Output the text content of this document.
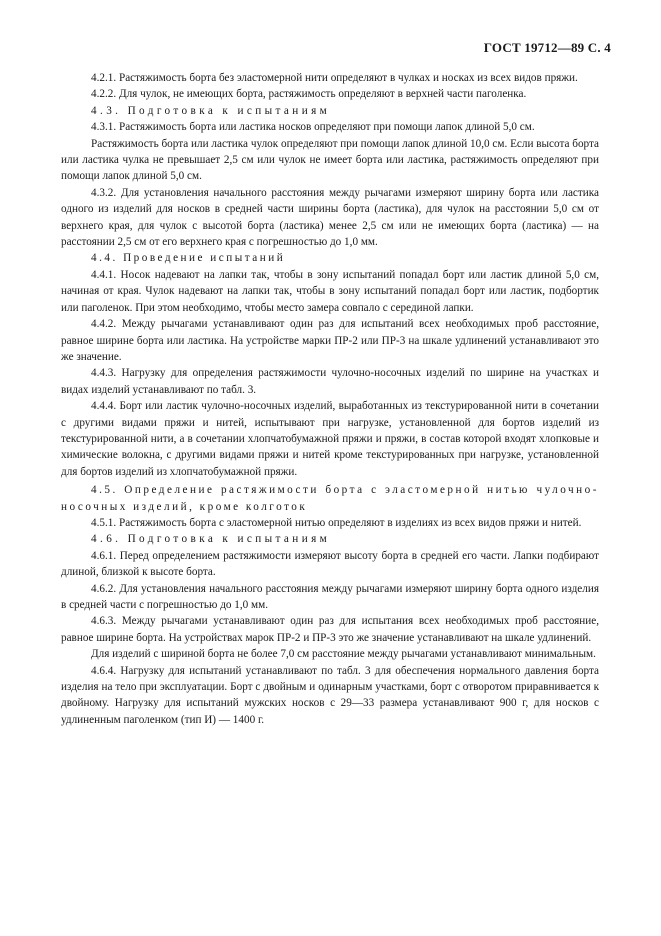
ГОСТ 19712—89 С. 4

4.2.1. Растяжимость борта без эластомерной нити определяют в чулках и носках из всех видов пряжи.

4.2.2. Для чулок, не имеющих борта, растяжимость определяют в верхней части паголенка.

4.3. Подготовка к испытаниям

4.3.1. Растяжимость борта или ластика носков определяют при помощи лапок длиной 5,0 см.

Растяжимость борта или ластика чулок определяют при помощи лапок длиной 10,0 см. Если высота борта или ластика чулка не превышает 2,5 см или чулок не имеет борта или ластика, растяжимость определяют при помощи лапок длиной 5,0 см.

4.3.2. Для установления начального расстояния между рычагами измеряют ширину борта или ластика одного из изделий для носков в средней части ширины борта (ластика), для чулок на расстоянии 5,0 см от верхнего края, для чулок с высотой борта (ластика) менее 2,5 см или не имеющих борта (ластика) — на расстоянии 2,5 см от его верхнего края с погрешностью до 1,0 мм.

4.4. Проведение испытаний

4.4.1. Носок надевают на лапки так, чтобы в зону испытаний попадал борт или ластик длиной 5,0 см, начиная от края. Чулок надевают на лапки так, чтобы в зону испытаний попадал борт или ластик, подбортик или паголенок. При этом необходимо, чтобы место замера совпало с серединой лапки.

4.4.2. Между рычагами устанавливают один раз для испытаний всех необходимых проб расстояние, равное ширине борта или ластика. На устройстве марки ПР-2 или ПР-3 на шкале удлинений устанавливают это же значение.

4.4.3. Нагрузку для определения растяжимости чулочно-носочных изделий по ширине на участках и видах изделий устанавливают по табл. 3.

4.4.4. Борт или ластик чулочно-носочных изделий, выработанных из текстурированной нити в сочетании с другими видами пряжи и нитей, испытывают при нагрузке, установленной для бортов изделий из текстурированной нити, а в сочетании хлопчатобумажной пряжи и пряжи, в состав которой входят хлопковые и химические волокна, с другими видами пряжи и нитей кроме текстурированных при нагрузке, установленной для бортов изделий из хлопчатобумажной пряжи.

4.5. Определение растяжимости борта с эластомерной нитью чулочно-носочных изделий, кроме колготок

4.5.1. Растяжимость борта с эластомерной нитью определяют в изделиях из всех видов пряжи и нитей.

4.6. Подготовка к испытаниям

4.6.1. Перед определением растяжимости измеряют высоту борта в средней его части. Лапки подбирают длиной, близкой к высоте борта.

4.6.2. Для установления начального расстояния между рычагами измеряют ширину борта одного изделия в средней части с погрешностью до 1,0 мм.

4.6.3. Между рычагами устанавливают один раз для испытания всех необходимых проб расстояние, равное ширине борта. На устройствах марок ПР-2 и ПР-3 это же значение устанавливают на шкале удлинений.

Для изделий с шириной борта не более 7,0 см расстояние между рычагами устанавливают минимальным.

4.6.4. Нагрузку для испытаний устанавливают по табл. 3 для обеспечения нормального давления борта изделия на тело при эксплуатации. Борт с двойным и одинарным участками, борт с отворотом приравнивается к двойному. Нагрузку для испытаний мужских носков с 29—33 размера устанавливают 900 г, для носков с удлиненным паголенком (тип И) — 1400 г.
